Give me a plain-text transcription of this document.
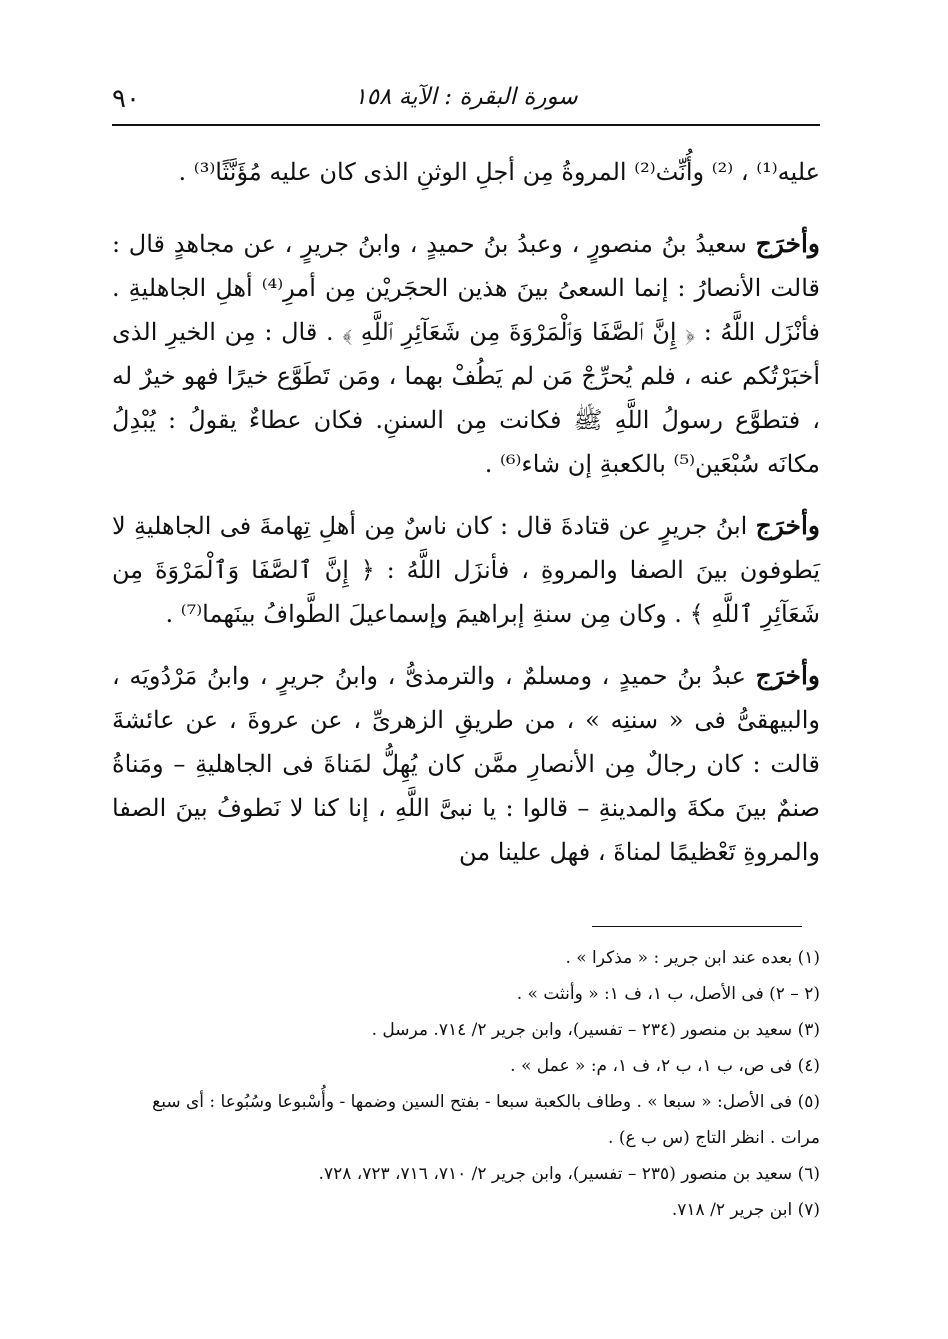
٩٠	سورة البقرة : الآية ١٥٨

عليه⁽¹⁾ ، ⁽²⁾ وأُنِّث⁽²⁾ المروةُ مِن أجلِ الوثنِ الذى كان عليه مُؤَنَّثًا⁽³⁾ .

وأخرَج سعيدُ بنُ منصورٍ ، وعبدُ بنُ حميدٍ ، وابنُ جريرٍ ، عن مجاهدٍ قال : قالت الأنصارُ : إنما السعىُ بينَ هذين الحجَريْن مِن أمرِ⁽⁴⁾ أهلِ الجاهليةِ . فأنْزَل اللَّهُ : ﴿ إِنَّ ٱلصَّفَا وَٱلْمَرْوَةَ مِن شَعَآئِرِ ٱللَّهِ ﴾ . قال : مِن الخيرِ الذى أخبَرْتُكم عنه ، فلم يُحرِّجْ مَن لم يَطُفْ بهما ، ومَن تَطَوَّع خيرًا فهو خيرٌ له ، فتطوَّع رسولُ اللَّهِ ﷺ فكانت مِن السننِ. فكان عطاءٌ يقولُ : يُبْدِلُ مكانَه سُبْعَين⁽⁵⁾ بالكعبةِ إن شاء⁽⁶⁾ .

وأخرَج ابنُ جريرٍ عن قتادةَ قال : كان ناسٌ مِن أهلِ تِهامةَ فى الجاهليةِ لا يَطوفون بينَ الصفا والمروةِ ، فأنزَل اللَّهُ : ﴿ إِنَّ ٱلصَّفَا وَٱلْمَرْوَةَ مِن شَعَآئِرِ ٱللَّهِ ﴾ . وكان مِن سنةِ إبراهيمَ وإسماعيلَ الطَّوافُ بينَهما⁽⁷⁾ .

وأخرَج عبدُ بنُ حميدٍ ، ومسلمٌ ، والترمذىُّ ، وابنُ جريرٍ ، وابنُ مَرْدُويَه ، والبيهقىُّ فى « سننِه » ، من طريقِ الزهرىِّ ، عن عروةَ ، عن عائشةَ قالت : كان رجالٌ مِن الأنصارِ ممَّن كان يُهِلُّ لمَناةَ فى الجاهليةِ – ومَناةُ صنمٌ بينَ مكةَ والمدينةِ – قالوا : يا نبىَّ اللَّهِ ، إنا كنا لا نَطوفُ بينَ الصفا والمروةِ تَعْظيمًا لمناةَ ، فهل علينا من

(١) بعده عند ابن جرير : « مذكرا » .
(٢ – ٢) فى الأصل، ب ١، ف ١: « وأنثت » .
(٣) سعيد بن منصور (٢٣٤ – تفسير)، وابن جرير ٢/ ٧١٤. مرسل .
(٤) فى ص، ب ١، ب ٢، ف ١، م: « عمل » .
(٥) فى الأصل: « سبعا » . وطاف بالكعبة سبعا - بفتح السين وضمها - وأُسْبوعا وسُبُوعا : أى سبع مرات . انظر التاج (س ب ع) .
(٦) سعيد بن منصور (٢٣٥ – تفسير)، وابن جرير ٢/ ٧١٠، ٧١٦، ٧٢٣، ٧٢٨.
(٧) ابن جرير ٢/ ٧١٨.
